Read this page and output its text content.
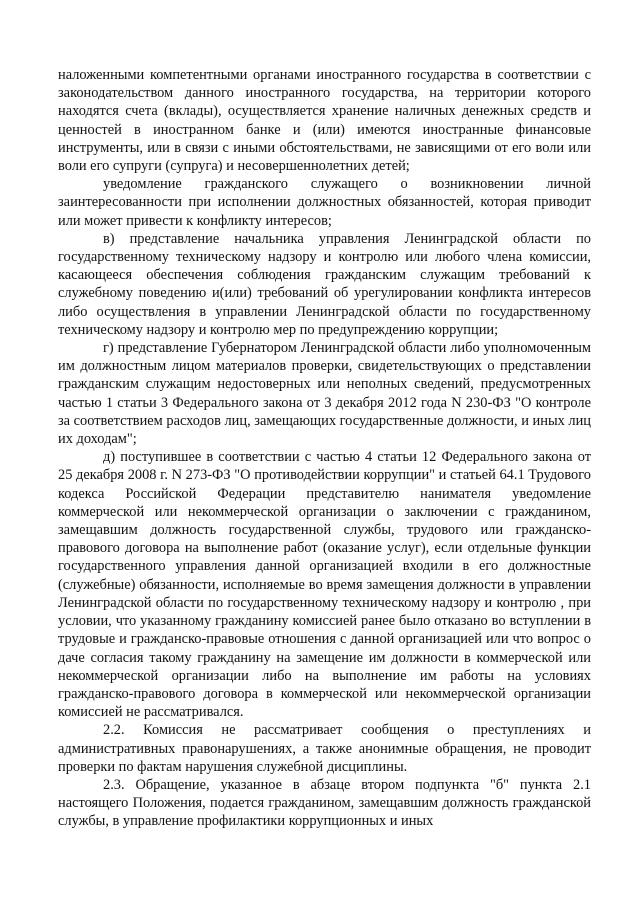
наложенными компетентными органами иностранного государства в соответствии с законодательством данного иностранного государства, на территории которого находятся счета (вклады), осуществляется хранение наличных денежных средств и ценностей в иностранном банке и (или) имеются иностранные финансовые инструменты, или в связи с иными обстоятельствами, не зависящими от его воли или воли его супруги (супруга) и несовершеннолетних детей;

уведомление гражданского служащего о возникновении личной заинтересованности при исполнении должностных обязанностей, которая приводит или может привести к конфликту интересов;

в) представление начальника управления Ленинградской области по государственному техническому надзору и контролю или любого члена комиссии, касающееся обеспечения соблюдения гражданским служащим требований к служебному поведению и(или) требований об урегулировании конфликта интересов либо осуществления в управлении Ленинградской области по государственному техническому надзору и контролю мер по предупреждению коррупции;

г) представление Губернатором Ленинградской области либо уполномоченным им должностным лицом материалов проверки, свидетельствующих о представлении гражданским служащим недостоверных или неполных сведений, предусмотренных частью 1 статьи 3 Федерального закона от 3 декабря 2012 года N 230-ФЗ "О контроле за соответствием расходов лиц, замещающих государственные должности, и иных лиц их доходам";

д) поступившее в соответствии с частью 4 статьи 12 Федерального закона от 25 декабря 2008 г. N 273-ФЗ "О противодействии коррупции" и статьей 64.1 Трудового кодекса Российской Федерации представителю нанимателя уведомление коммерческой или некоммерческой организации о заключении с гражданином, замещавшим должность государственной службы, трудового или гражданско-правового договора на выполнение работ (оказание услуг), если отдельные функции государственного управления данной организацией входили в его должностные (служебные) обязанности, исполняемые во время замещения должности в управлении Ленинградской области по государственному техническому надзору и контролю , при условии, что указанному гражданину комиссией ранее было отказано во вступлении в трудовые и гражданско-правовые отношения с данной организацией или что вопрос о даче согласия такому гражданину на замещение им должности в коммерческой или некоммерческой организации либо на выполнение им работы на условиях гражданско-правового договора в коммерческой или некоммерческой организации комиссией не рассматривался.

2.2. Комиссия не рассматривает сообщения о преступлениях и административных правонарушениях, а также анонимные обращения, не проводит проверки по фактам нарушения служебной дисциплины.

2.3. Обращение, указанное в абзаце втором подпункта "б" пункта 2.1 настоящего Положения, подается гражданином, замещавшим должность гражданской службы, в управление профилактики коррупционных и иных
